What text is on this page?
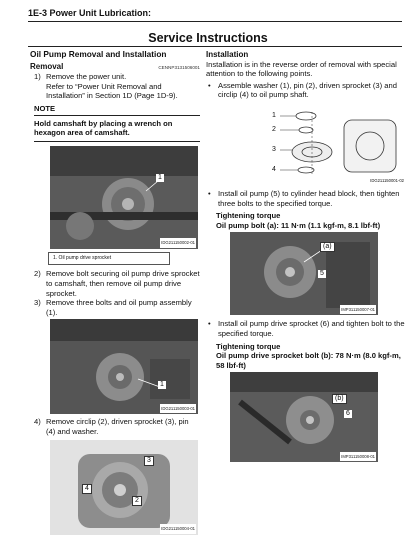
1E-3 Power Unit Lubrication:
Service Instructions
Oil Pump Removal and Installation
Removal	CENNP3131506001
1) Remove the power unit.
Refer to “Power Unit Removal and Installation” in Section 1D (Page 1D-9).
NOTE
Hold camshaft by placing a wrench on hexagon area of camshaft.
1
IDG211150002-01
1. Oil pump drive sprocket
2) Remove bolt securing oil pump drive sprocket to camshaft, then remove oil pump drive sprocket.
3) Remove three bolts and oil pump assembly (1).
1
IDG211150003-01
4) Remove circlip (2), driven sprocket (3), pin (4) and washer.
3
4
2
IDG211150004-01
Installation
Installation is in the reverse order of removal with special attention to the following points.
• Assemble washer (1), pin (2), driven sprocket (3) and circlip (4) to oil pump shaft.
1
2
3
4
IDG211150001-02
• Install oil pump (5) to cylinder head block, then tighten three bolts to the specified torque.
Tightening torque
Oil pump bolt (a): 11 N·m (1.1 kgf-m, 8.1 lbf-ft)
(a)
5
IMP311150007-01
• Install oil pump drive sprocket (6) and tighten bolt to the specified torque.
Tightening torque
Oil pump drive sprocket bolt (b): 78 N·m (8.0 kgf-m, 58 lbf-ft)
(b)
6
IMP311150008-01
